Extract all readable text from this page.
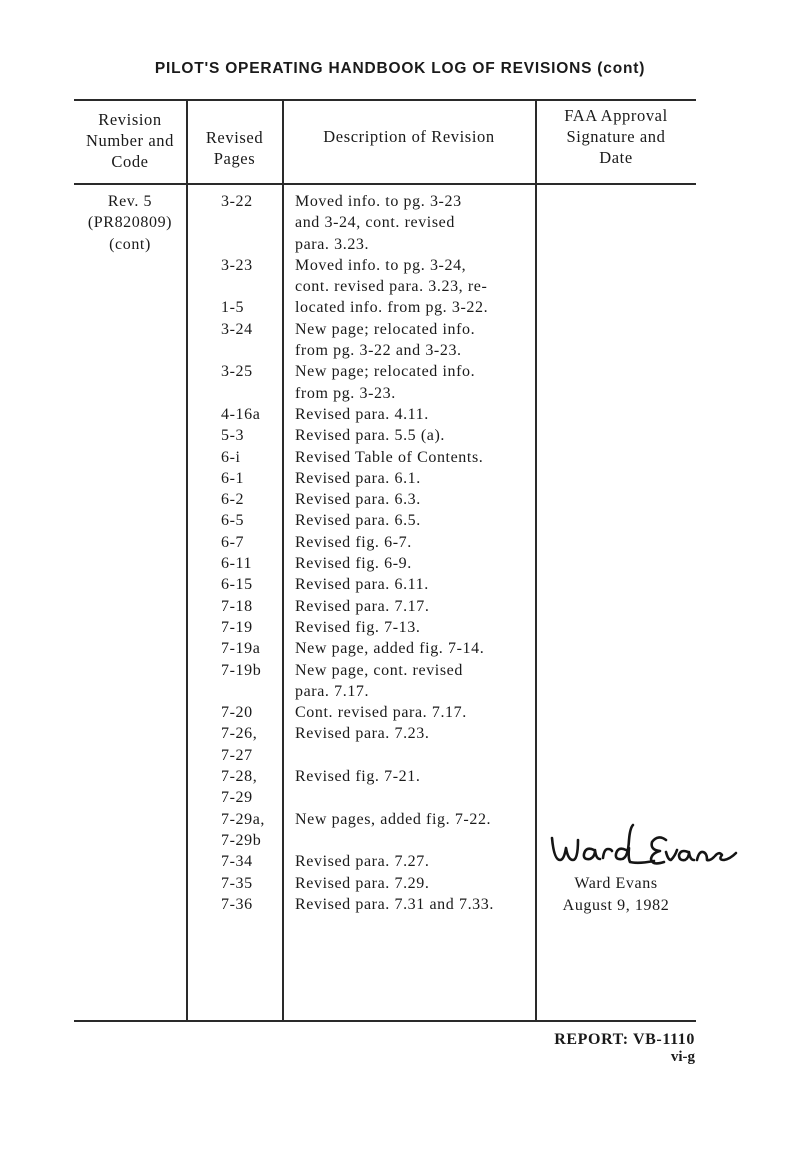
PILOT'S OPERATING HANDBOOK LOG OF REVISIONS (cont)
Revision
Number and
Code
Revised
Pages
Description of Revision
FAA Approval
Signature and
Date
Rev. 5
(PR820809)
(cont)
3-22
3-23
1-5
3-24
3-25
4-16a
5-3
6-i
6-1
6-2
6-5
6-7
6-11
6-15
7-18
7-19
7-19a
7-19b
7-20
7-26,
7-27
7-28,
7-29
7-29a,
7-29b
7-34
7-35
7-36
Moved info. to pg. 3-23
and 3-24, cont. revised
para. 3.23.
Moved info. to pg. 3-24,
cont. revised para. 3.23, re-
located info. from pg. 3-22.
New page; relocated info.
from pg. 3-22 and 3-23.
New page; relocated info.
from pg. 3-23.
Revised para. 4.11.
Revised para. 5.5 (a).
Revised Table of Contents.
Revised para. 6.1.
Revised para. 6.3.
Revised para. 6.5.
Revised fig. 6-7.
Revised fig. 6-9.
Revised para. 6.11.
Revised para. 7.17.
Revised fig. 7-13.
New page, added fig. 7-14.
New page, cont. revised
para. 7.17.
Cont. revised para. 7.17.
Revised para. 7.23.
Revised fig. 7-21.
New pages, added fig. 7-22.
Revised para. 7.27.
Revised para. 7.29.
Revised para. 7.31 and 7.33.
Ward Evans
August 9, 1982
REPORT: VB-1110
vi-g
